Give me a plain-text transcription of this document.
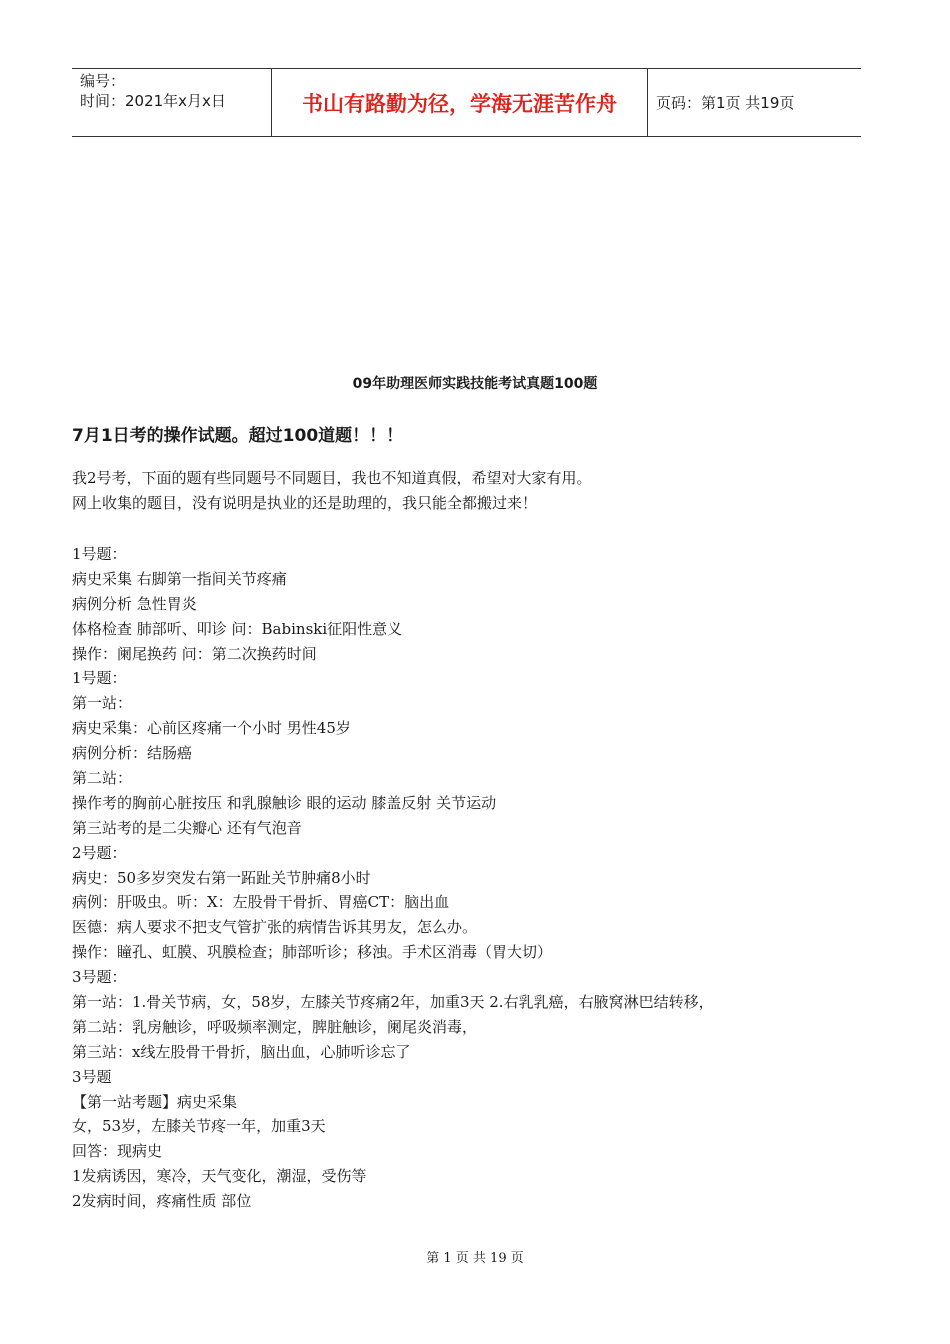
编号：
时间：2021年x月x日	书山有路勤为径，学海无涯苦作舟	页码：第1页 共19页
09年助理医师实践技能考试真题100题
7月1日考的操作试题。超过100道题！！！
我2号考，下面的题有些同题号不同题目，我也不知道真假，希望对大家有用。
网上收集的题目，没有说明是执业的还是助理的，我只能全都搬过来！
1号题：
病史采集 右脚第一指间关节疼痛
病例分析 急性胃炎
体格检查 肺部听、叩诊 问：Babinski征阳性意义
操作：阑尾换药 问：第二次换药时间
1号题：
第一站：
病史采集：心前区疼痛一个小时 男性45岁
病例分析：结肠癌
第二站：
操作考的胸前心脏按压 和乳腺触诊 眼的运动 膝盖反射 关节运动
第三站考的是二尖瓣心 还有气泡音
2号题：
病史：50多岁突发右第一跖趾关节肿痛8小时
病例：肝吸虫。听：X：左股骨干骨折、胃癌CT：脑出血
医德：病人要求不把支气管扩张的病情告诉其男友，怎么办。
操作：瞳孔、虹膜、巩膜检查；肺部听诊；移浊。手术区消毒（胃大切）
3号题：
第一站：1.骨关节病，女，58岁，左膝关节疼痛2年，加重3天 2.右乳乳癌，右腋窝淋巴结转移，
第二站：乳房触诊，呼吸频率测定，脾脏触诊，阑尾炎消毒，
第三站：x线左股骨干骨折，脑出血，心肺听诊忘了
3号题
【第一站考题】病史采集
女，53岁，左膝关节疼一年，加重3天
回答：现病史
1发病诱因，寒冷，天气变化，潮湿，受伤等
2发病时间，疼痛性质 部位
第 1 页 共 19 页
